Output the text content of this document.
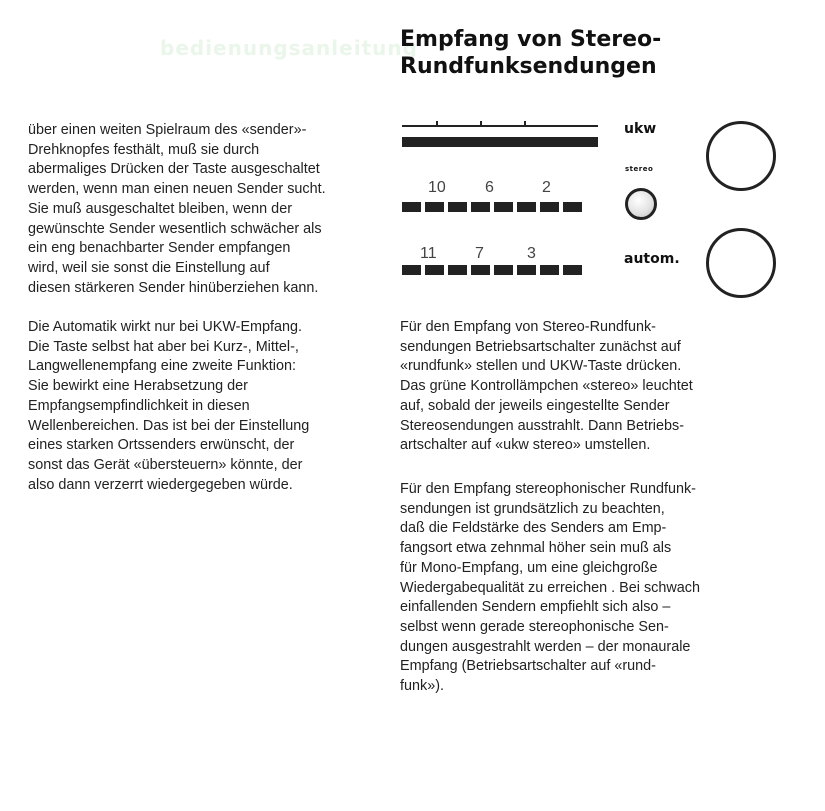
bedienungsanleitung
Empfang von Stereo-
Rundfunksendungen
über einen weiten Spielraum des «sender»-
Drehknopfes festhält, muß sie durch
abermaliges Drücken der Taste ausgeschaltet
werden, wenn man einen neuen Sender sucht.
Sie muß ausgeschaltet bleiben, wenn der
gewünschte Sender wesentlich schwächer als
ein eng benachbarter Sender empfangen
wird, weil sie sonst die Einstellung auf
diesen stärkeren Sender hinüberziehen kann.
Die Automatik wirkt nur bei UKW-Empfang.
Die Taste selbst hat aber bei Kurz-, Mittel-,
Langwellenempfang eine zweite Funktion:
Sie bewirkt eine Herabsetzung der
Empfangsempfindlichkeit in diesen
Wellenbereichen. Das ist bei der Einstellung
eines starken Ortssenders erwünscht, der
sonst das Gerät «übersteuern» könnte, der
also dann verzerrt wiedergegeben würde.
10 6	2
11 7	3
ukw
stereo
autom.
Für den Empfang von Stereo-Rundfunk-
sendungen Betriebsartschalter zunächst auf
«rundfunk» stellen und UKW-Taste drücken.
Das grüne Kontrollämpchen «stereo» leuchtet
auf, sobald der jeweils eingestellte Sender
Stereosendungen ausstrahlt. Dann Betriebs-
artschalter auf «ukw stereo» umstellen.
Für den Empfang stereophonischer Rundfunk-
sendungen ist grundsätzlich zu beachten,
daß die Feldstärke des Senders am Emp-
fangsort etwa zehnmal höher sein muß als
für Mono-Empfang, um eine gleichgroße
Wiedergabequalität zu erreichen . Bei schwach
einfallenden Sendern empfiehlt sich also –
selbst wenn gerade stereophonische Sen-
dungen ausgestrahlt werden – der monaurale
Empfang (Betriebsartschalter auf «rund-
funk»).
